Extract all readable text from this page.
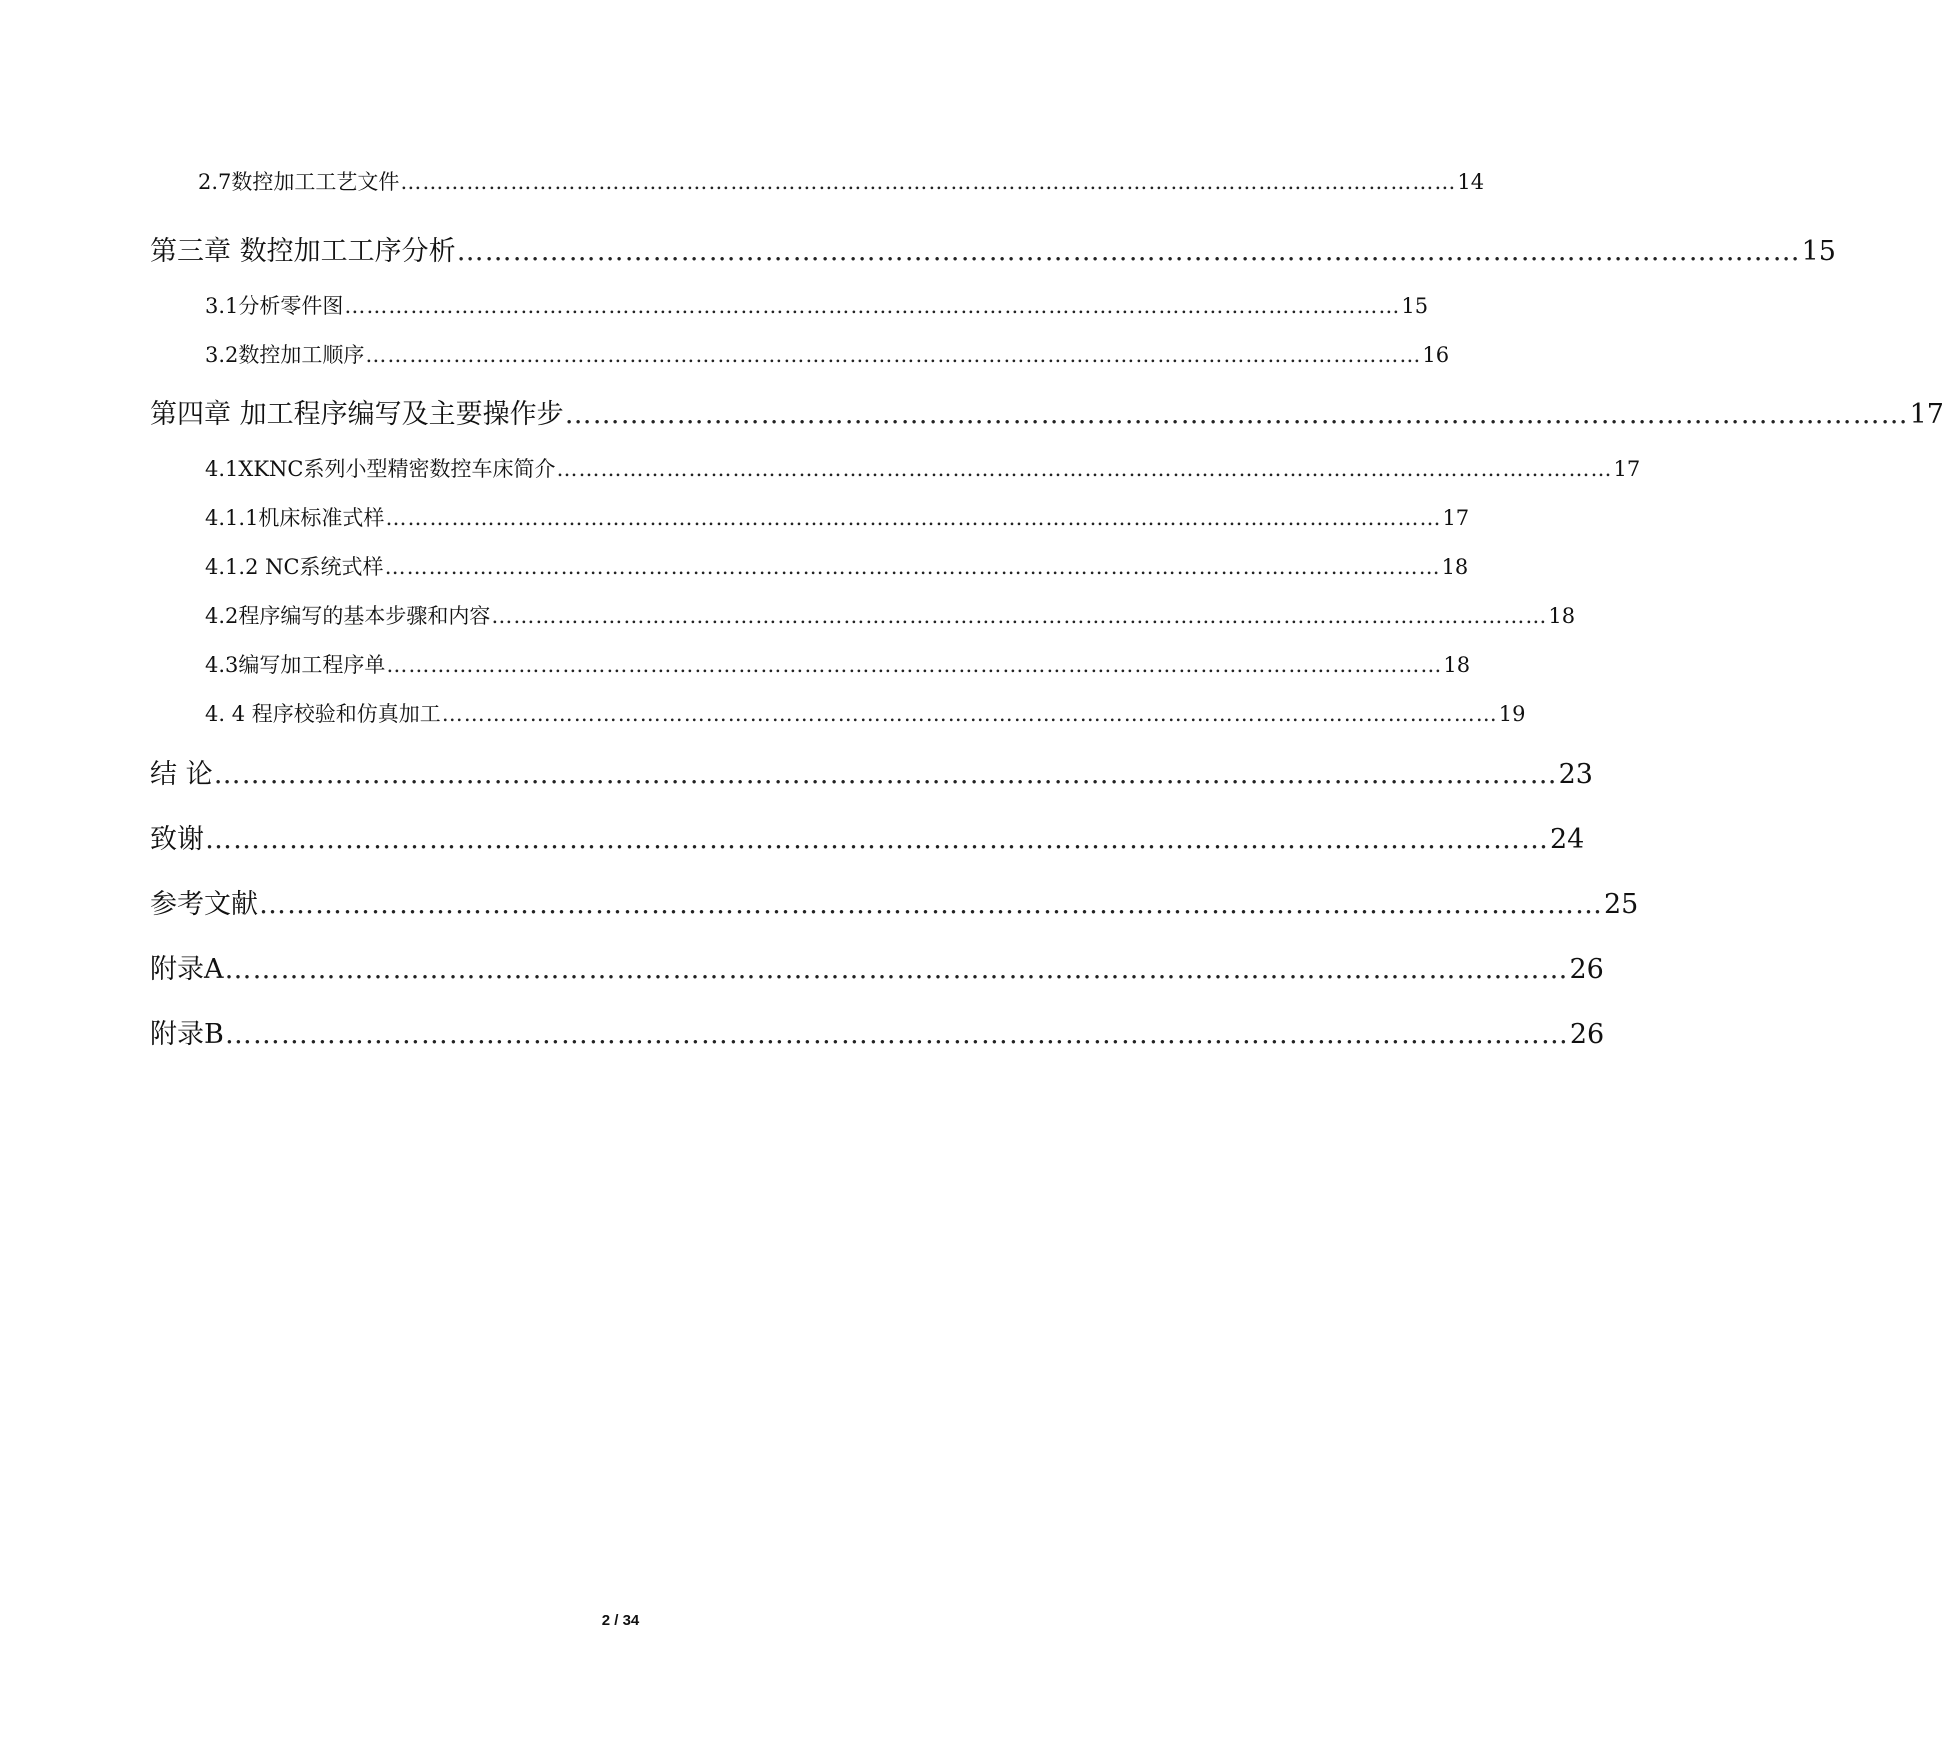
2.7数控加工工艺文件 ……………………………………………………………………………………………………………………………… 14
第三章 数控加工工序分析 ……………………………………………………………………………………………………………………………… 15
3.1分析零件图 ……………………………………………………………………………………………………………………………… 15
3.2数控加工顺序 ……………………………………………………………………………………………………………………………… 16
第四章 加工程序编写及主要操作步 ……………………………………………………………………………………………………………………………… 17
4.1XKNC系列小型精密数控车床简介 ……………………………………………………………………………………………………………………………… 17
4.1.1机床标准式样 ……………………………………………………………………………………………………………………………… 17
4.1.2 NC系统式样 ……………………………………………………………………………………………………………………………… 18
4.2程序编写的基本步骤和内容 ……………………………………………………………………………………………………………………………… 18
4.3编写加工程序单 ……………………………………………………………………………………………………………………………… 18
4. 4 程序校验和仿真加工 ……………………………………………………………………………………………………………………………… 19
结 论 ……………………………………………………………………………………………………………………………… 23
致谢 ……………………………………………………………………………………………………………………………… 24
参考文献 ……………………………………………………………………………………………………………………………… 25
附录A ……………………………………………………………………………………………………………………………… 26
附录B ……………………………………………………………………………………………………………………………… 26
2 / 34
